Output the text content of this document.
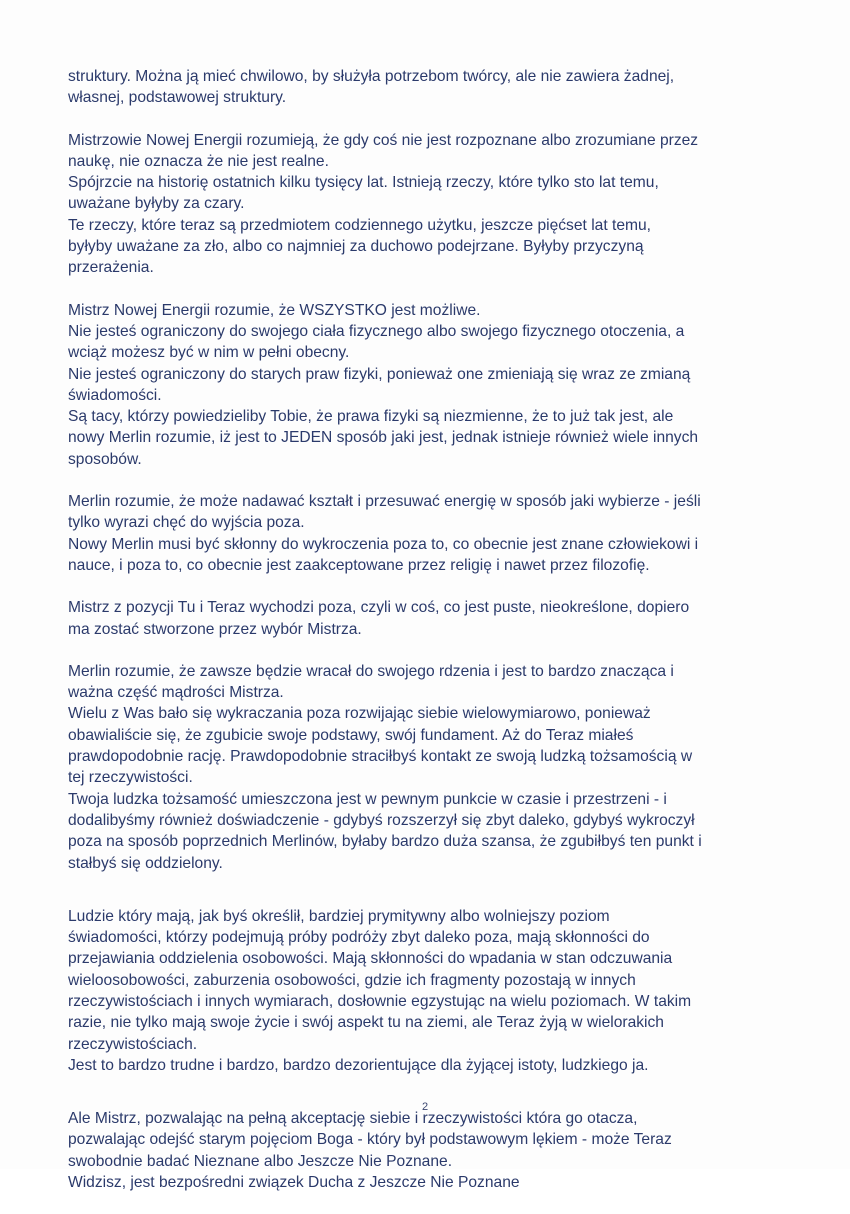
struktury. Można ją mieć chwilowo, by służyła potrzebom twórcy, ale nie zawiera żadnej,
własnej, podstawowej struktury.
Mistrzowie Nowej Energii rozumieją, że gdy coś nie jest rozpoznane albo zrozumiane przez
naukę, nie oznacza że nie jest realne.
Spójrzcie na historię ostatnich kilku tysięcy lat. Istnieją rzeczy, które tylko sto lat temu,
uważane byłyby za czary.
Te rzeczy, które teraz są przedmiotem codziennego użytku, jeszcze pięćset lat temu,
byłyby uważane za zło, albo co najmniej za duchowo podejrzane. Byłyby przyczyną
przerażenia.
Mistrz Nowej Energii rozumie, że WSZYSTKO jest możliwe.
Nie jesteś ograniczony do swojego ciała fizycznego albo swojego fizycznego otoczenia, a
wciąż możesz być w nim w pełni obecny.
Nie jesteś ograniczony do starych praw fizyki, ponieważ one zmieniają się wraz ze zmianą
świadomości.
Są tacy, którzy powiedzieliby Tobie, że prawa fizyki są niezmienne, że to już tak jest, ale
nowy Merlin rozumie, iż jest to JEDEN sposób jaki jest, jednak istnieje również wiele innych
sposobów.
Merlin rozumie, że może nadawać kształt i przesuwać energię w sposób jaki wybierze - jeśli
tylko wyrazi chęć do wyjścia poza.
Nowy Merlin musi być skłonny do wykroczenia poza to, co obecnie jest znane człowiekowi i
nauce, i poza to, co obecnie jest zaakceptowane przez religię i nawet przez filozofię.
Mistrz z pozycji Tu i Teraz wychodzi poza, czyli w coś, co jest puste, nieokreślone, dopiero
ma zostać stworzone przez wybór Mistrza.
Merlin rozumie, że zawsze będzie wracał do swojego rdzenia i jest to bardzo znacząca i
ważna część mądrości Mistrza.
Wielu z Was bało się wykraczania poza rozwijając siebie wielowymiarowo, ponieważ
obawialiście się, że zgubicie swoje podstawy, swój fundament. Aż do Teraz miałeś
prawdopodobnie rację. Prawdopodobnie straciłbyś kontakt ze swoją ludzką tożsamością w
tej rzeczywistości.
Twoja ludzka tożsamość umieszczona jest w pewnym punkcie w czasie i przestrzeni - i
dodalibyśmy również doświadczenie - gdybyś rozszerzył się zbyt daleko, gdybyś wykroczył
poza na sposób poprzednich Merlinów, byłaby bardzo duża szansa, że zgubiłbyś ten punkt i
stałbyś się oddzielony.
Ludzie który mają, jak byś określił, bardziej prymitywny albo wolniejszy poziom
świadomości, którzy podejmują próby podróży zbyt daleko poza, mają skłonności do
przejawiania oddzielenia osobowości. Mają skłonności do wpadania w stan odczuwania
wieloosobowości, zaburzenia osobowości, gdzie ich fragmenty pozostają w innych
rzeczywistościach i innych wymiarach, dosłownie egzystując na wielu poziomach. W takim
razie, nie tylko mają swoje życie i swój aspekt tu na ziemi, ale Teraz żyją w wielorakich
rzeczywistościach.
Jest to bardzo trudne i bardzo, bardzo dezorientujące dla żyjącej istoty, ludzkiego ja.
Ale Mistrz, pozwalając na pełną akceptację siebie i rzeczywistości która go otacza,
pozwalając odejść starym pojęciom Boga - który był podstawowym lękiem - może Teraz
swobodnie badać Nieznane albo Jeszcze Nie Poznane.
Widzisz, jest bezpośredni związek Ducha z Jeszcze Nie Poznane
2
